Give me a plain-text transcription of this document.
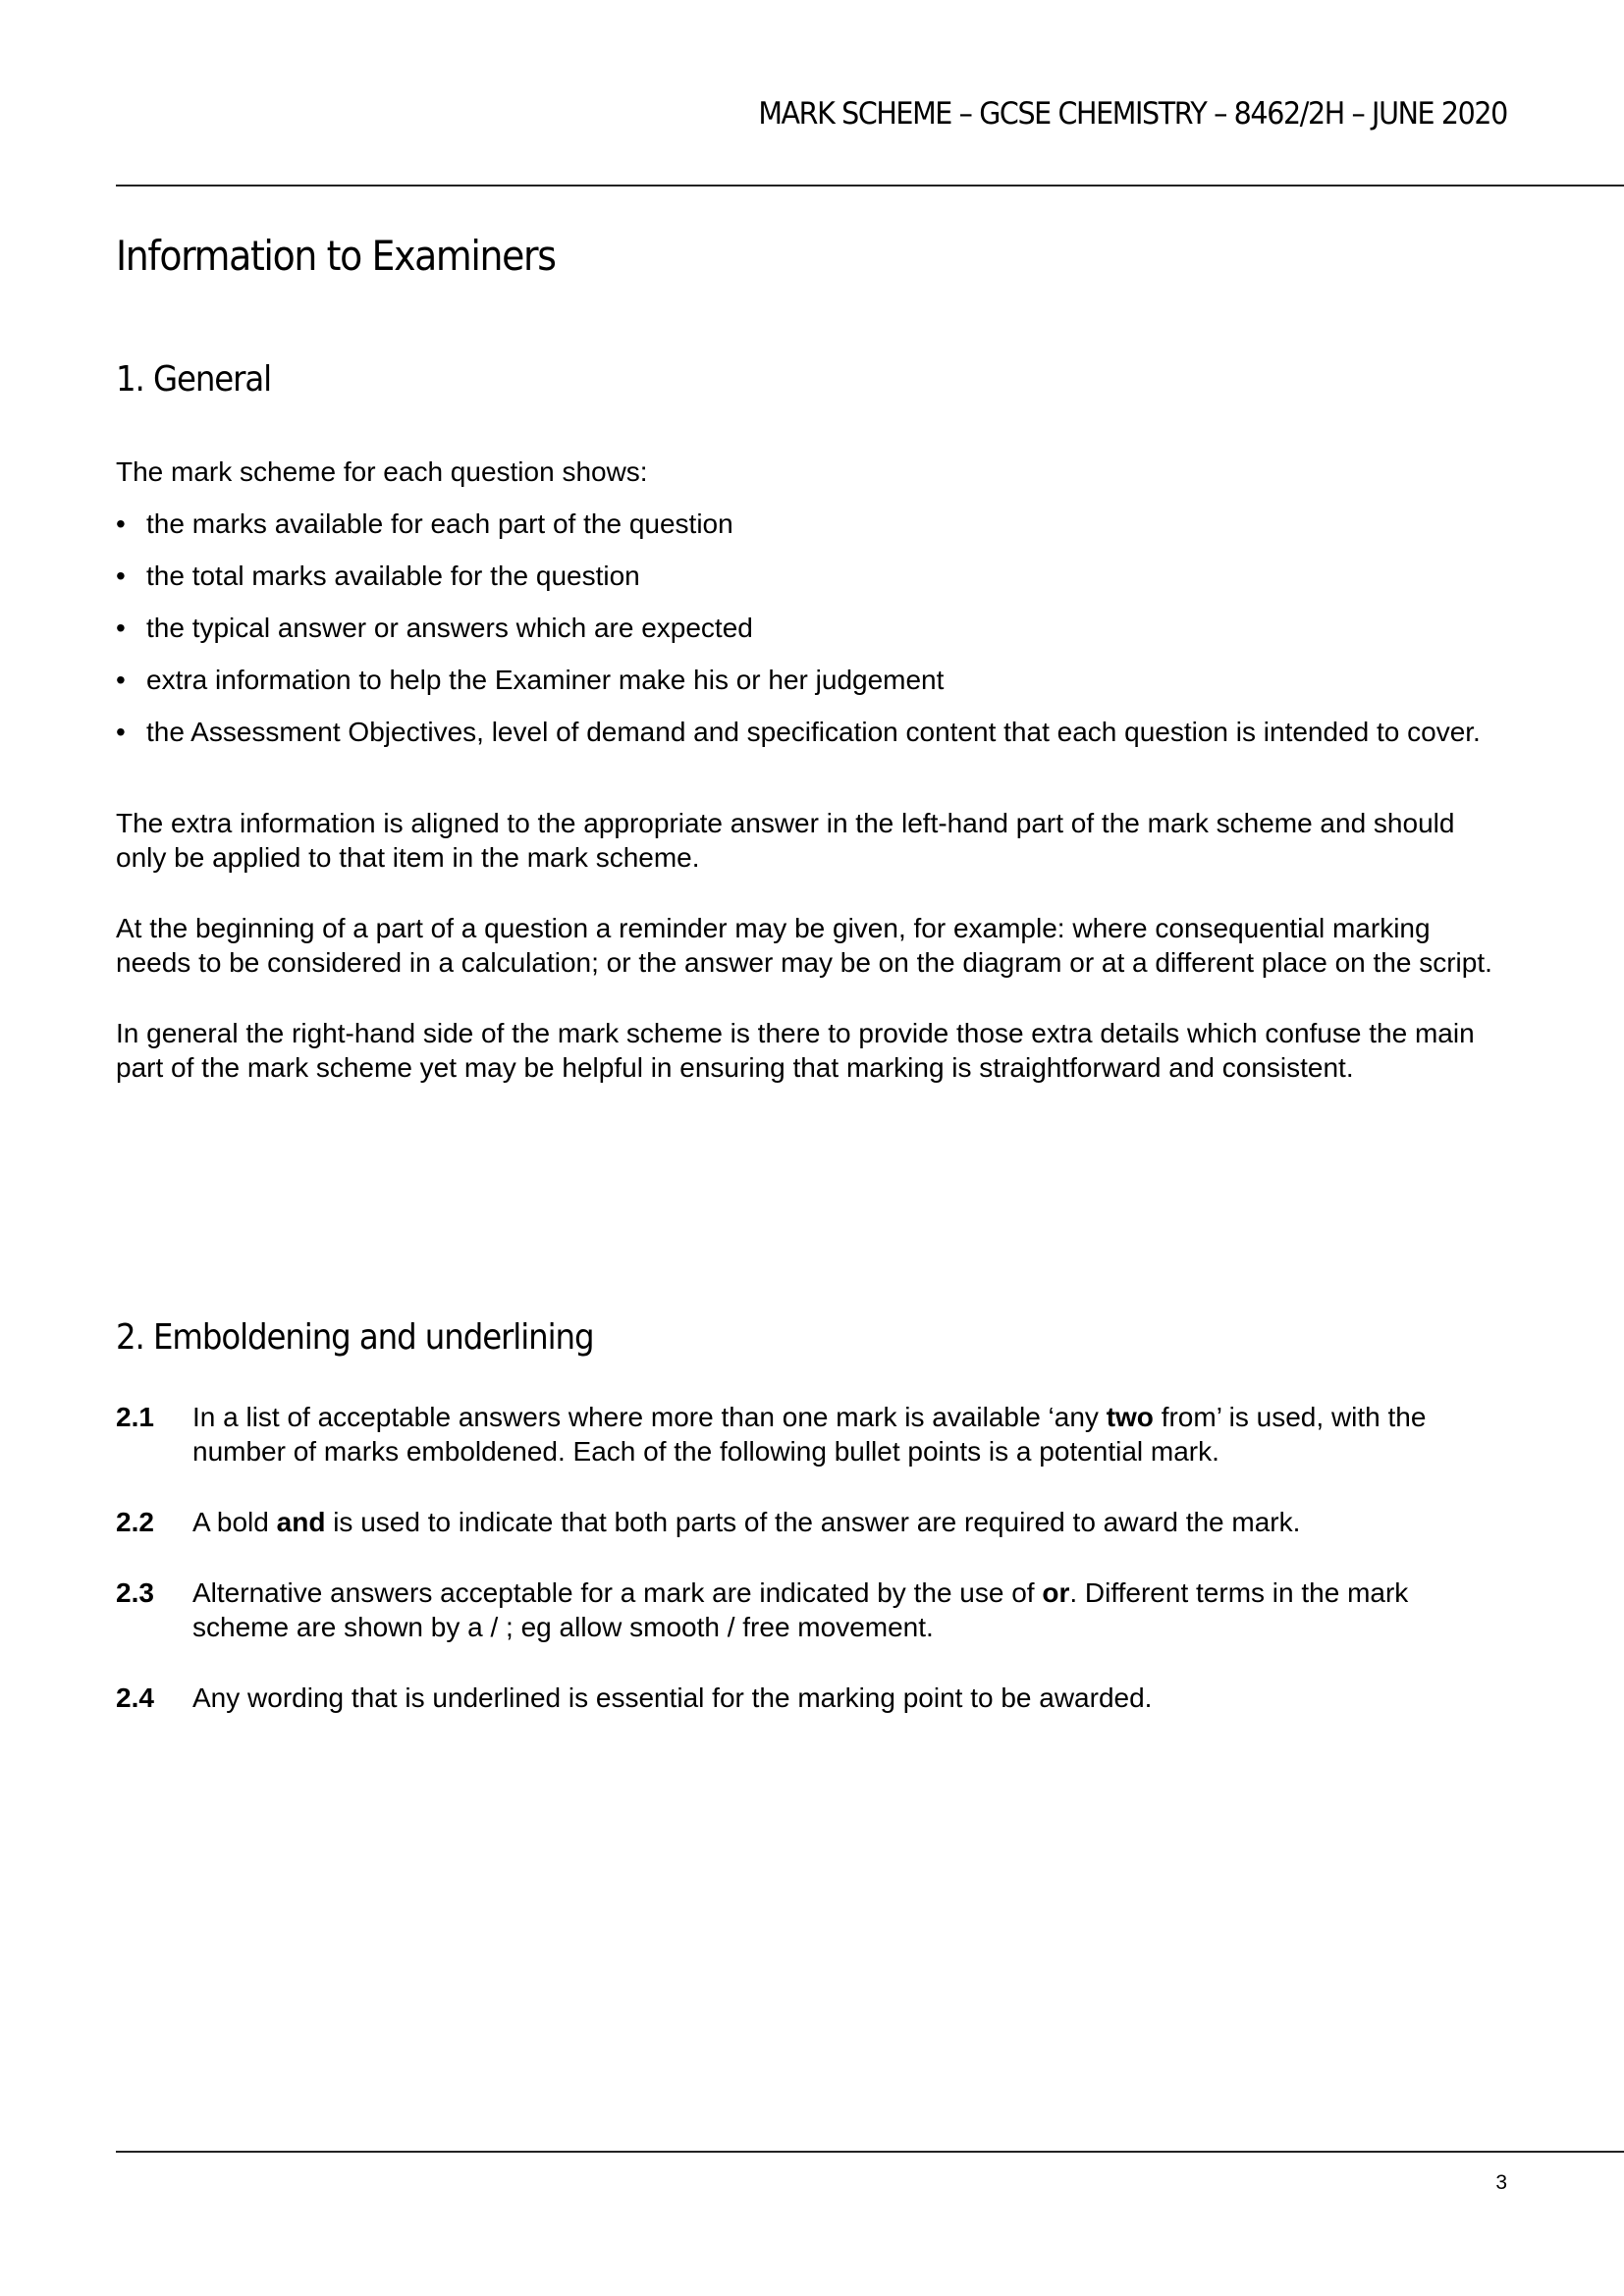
MARK SCHEME – GCSE CHEMISTRY – 8462/2H – JUNE 2020
Information to Examiners
1. General

The mark scheme for each question shows:

• the marks available for each part of the question
• the total marks available for the question
• the typical answer or answers which are expected
• extra information to help the Examiner make his or her judgement
• the Assessment Objectives, level of demand and specification content that each question is intended to cover.

The extra information is aligned to the appropriate answer in the left-hand part of the mark scheme and should only be applied to that item in the mark scheme.

At the beginning of a part of a question a reminder may be given, for example: where consequential marking needs to be considered in a calculation; or the answer may be on the diagram or at a different place on the script.

In general the right-hand side of the mark scheme is there to provide those extra details which confuse the main part of the mark scheme yet may be helpful in ensuring that marking is straightforward and consistent.

2. Emboldening and underlining
2.1	In a list of acceptable answers where more than one mark is available ‘any two from’ is used, with the number of marks emboldened. Each of the following bullet points is a potential mark.
2.2	A bold and is used to indicate that both parts of the answer are required to award the mark.
2.3	Alternative answers acceptable for a mark are indicated by the use of or. Different terms in the mark scheme are shown by a / ; eg allow smooth / free movement.
2.4	Any wording that is underlined is essential for the marking point to be awarded.
3
